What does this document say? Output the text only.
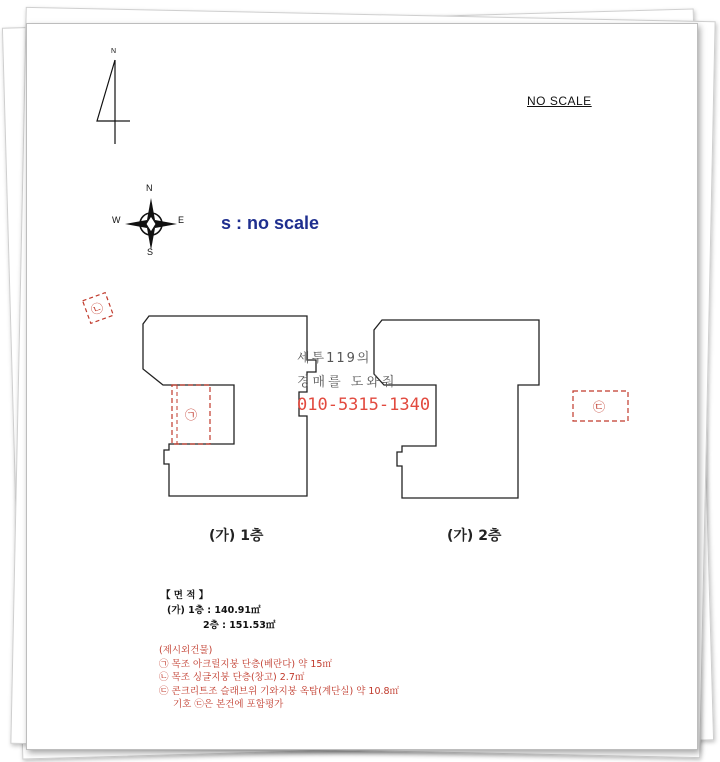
N
NO SCALE
N
S
W	E s : no scale
㉠
㉡
㉢
세투119의
경매를 도와줘
010-5315-1340
(가) 1층	(가) 2층
【 면 적 】
(가) 1층 : 140.91㎡
2층 : 151.53㎡
(제시외건물)
㉠ 목조 아크릴지붕 단층(베란다) 약 15㎡
㉡ 목조 싱글지붕 단층(창고) 2.7㎡
㉢ 콘크리트조 슬래브위 기와지붕 옥탑(계단실) 약 10.8㎡
기호 ㉢은 본건에 포함평가
